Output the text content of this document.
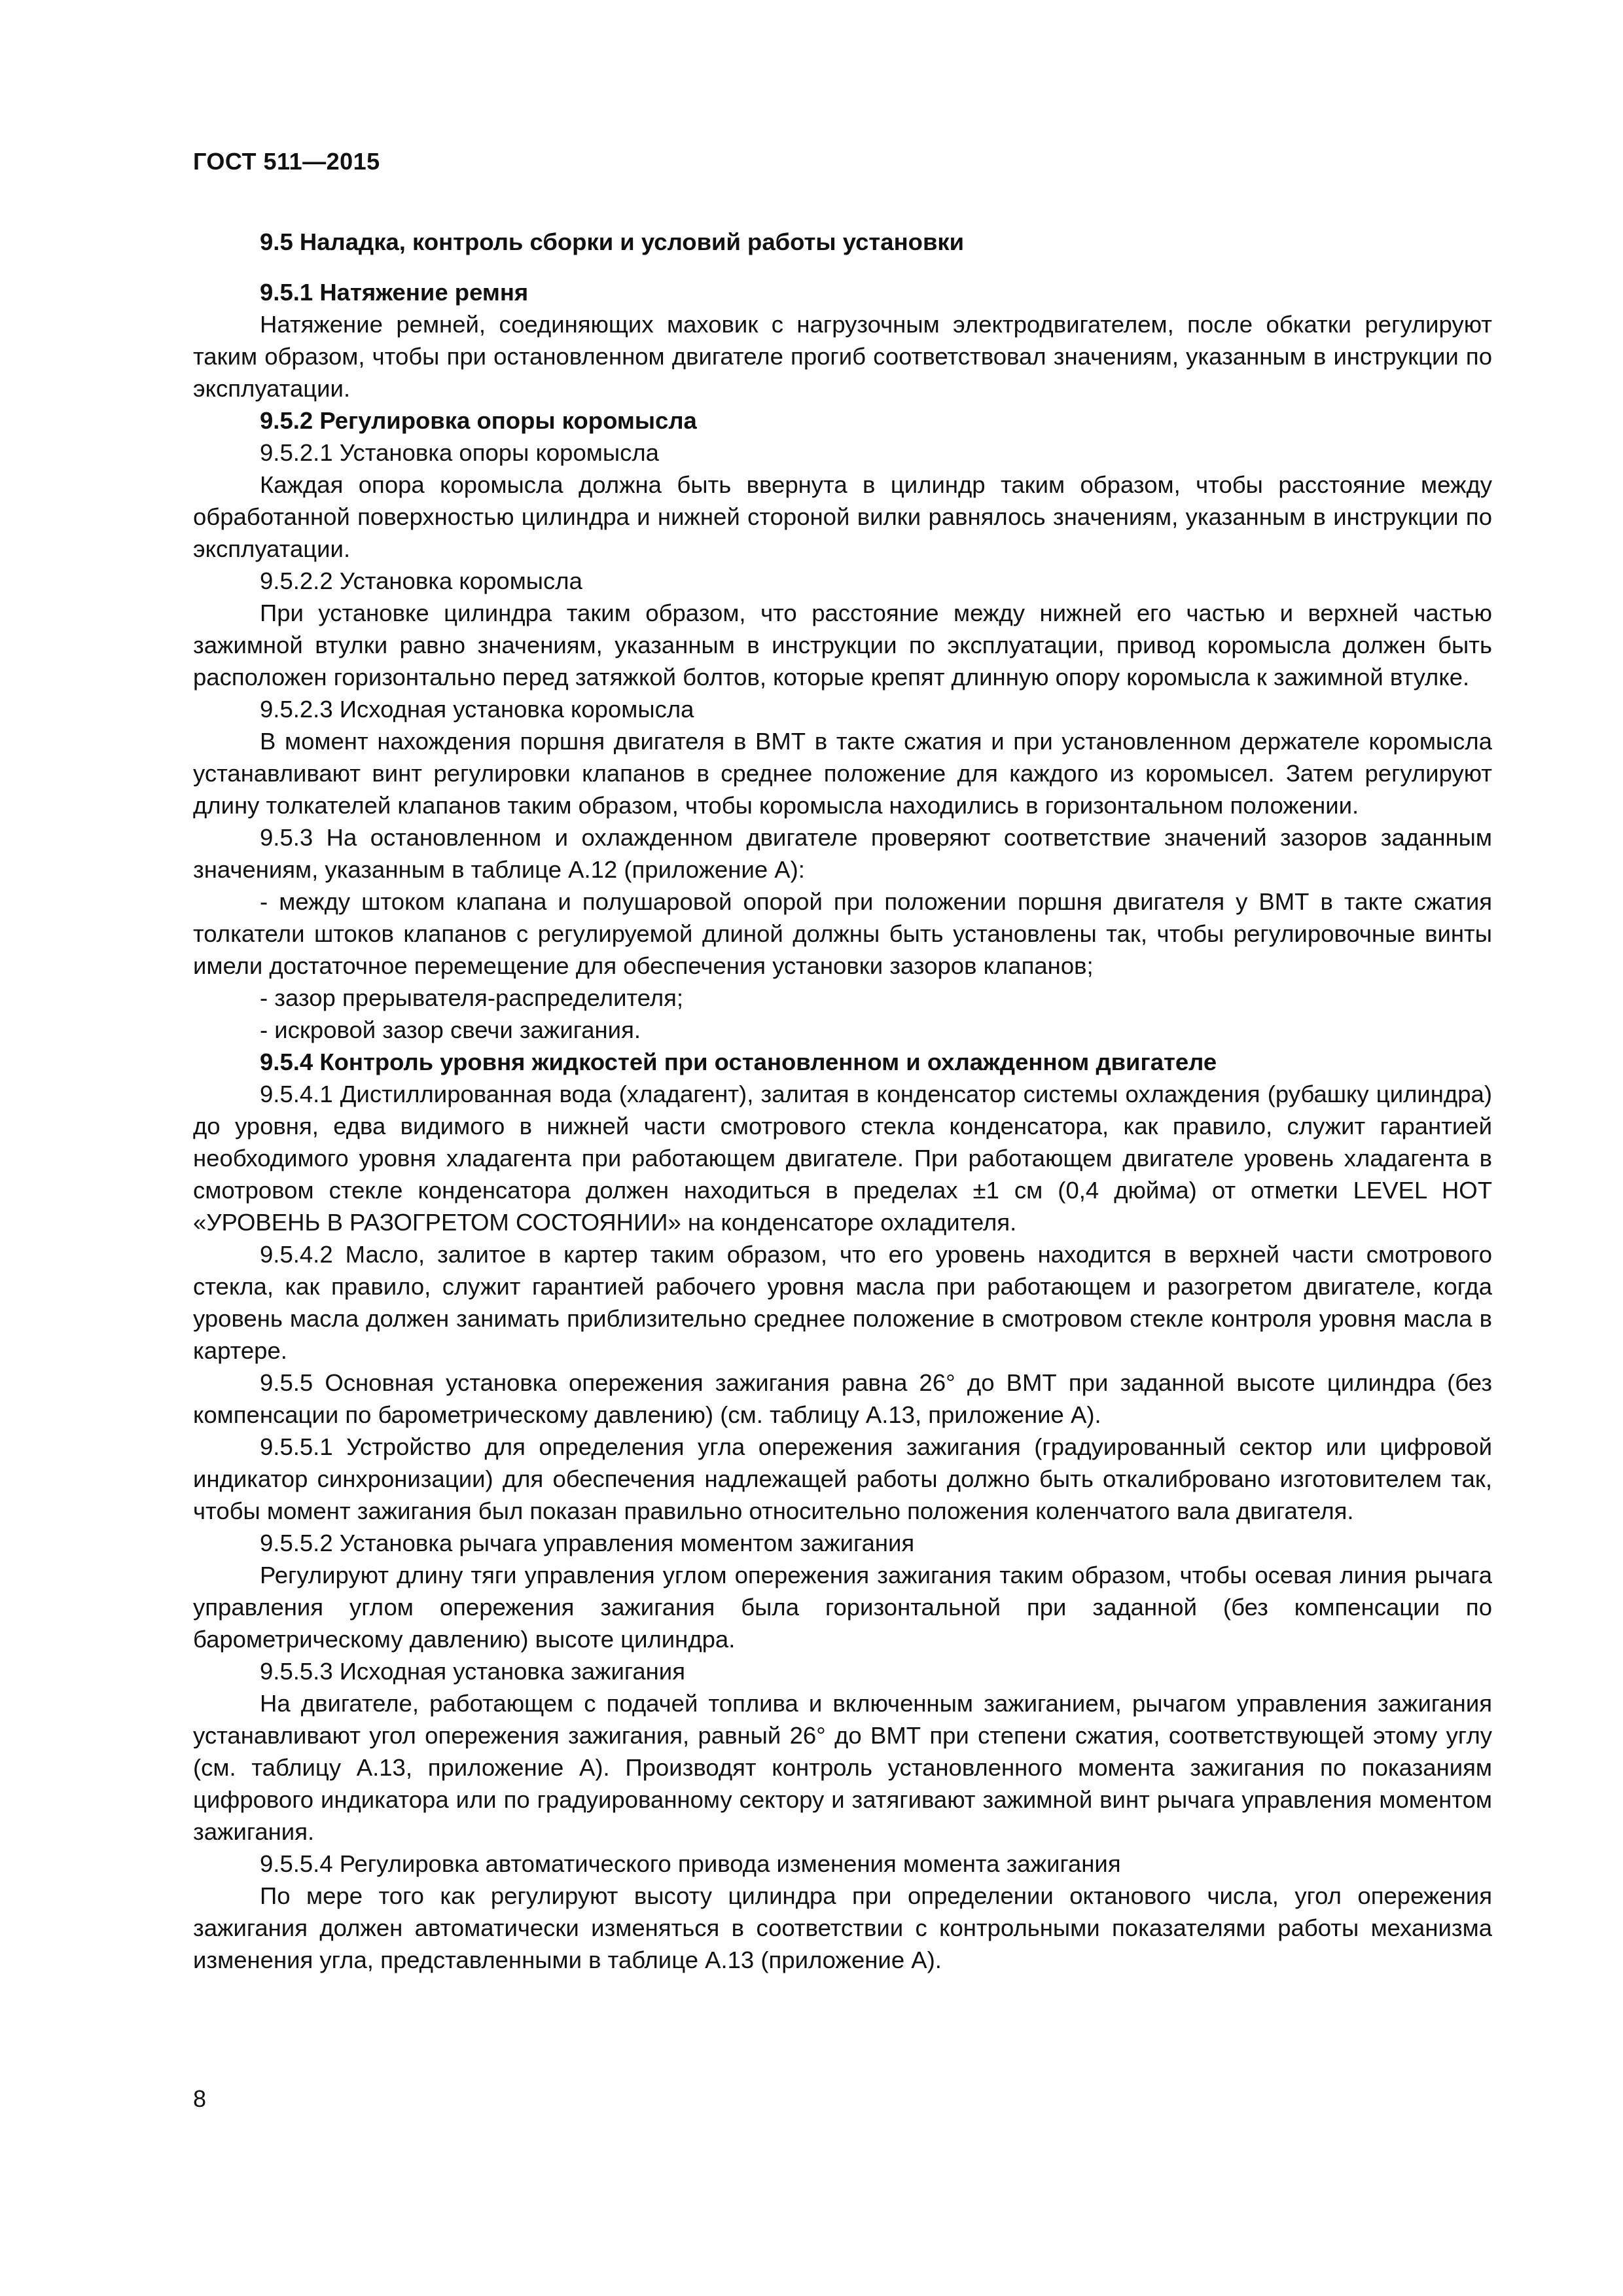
ГОСТ 511—2015

9.5 Наладка, контроль сборки и условий работы установки

9.5.1 Натяжение ремня

Натяжение ремней, соединяющих маховик с нагрузочным электродвигателем, после обкатки регулируют таким образом, чтобы при остановленном двигателе прогиб соответствовал значениям, указанным в инструкции по эксплуатации.

9.5.2 Регулировка опоры коромысла

9.5.2.1 Установка опоры коромысла

Каждая опора коромысла должна быть ввернута в цилиндр таким образом, чтобы расстояние между обработанной поверхностью цилиндра и нижней стороной вилки равнялось значениям, указанным в инструкции по эксплуатации.

9.5.2.2 Установка коромысла

При установке цилиндра таким образом, что расстояние между нижней его частью и верхней частью зажимной втулки равно значениям, указанным в инструкции по эксплуатации, привод коромысла должен быть расположен горизонтально перед затяжкой болтов, которые крепят длинную опору коромысла к зажимной втулке.

9.5.2.3 Исходная установка коромысла

В момент нахождения поршня двигателя в ВМТ в такте сжатия и при установленном держателе коромысла устанавливают винт регулировки клапанов в среднее положение для каждого из коромысел. Затем регулируют длину толкателей клапанов таким образом, чтобы коромысла находились в горизонтальном положении.

9.5.3 На остановленном и охлажденном двигателе проверяют соответствие значений зазоров заданным значениям, указанным в таблице А.12 (приложение А):

- между штоком клапана и полушаровой опорой при положении поршня двигателя у ВМТ в такте сжатия толкатели штоков клапанов с регулируемой длиной должны быть установлены так, чтобы регулировочные винты имели достаточное перемещение для обеспечения установки зазоров клапанов;

- зазор прерывателя-распределителя;

- искровой зазор свечи зажигания.

9.5.4 Контроль уровня жидкостей при остановленном и охлажденном двигателе

9.5.4.1 Дистиллированная вода (хладагент), залитая в конденсатор системы охлаждения (рубашку цилиндра) до уровня, едва видимого в нижней части смотрового стекла конденсатора, как правило, служит гарантией необходимого уровня хладагента при работающем двигателе. При работающем двигателе уровень хладагента в смотровом стекле конденсатора должен находиться в пределах ±1 см (0,4 дюйма) от отметки LEVEL HOT «УРОВЕНЬ В РАЗОГРЕТОМ СОСТОЯНИИ» на конденсаторе охладителя.

9.5.4.2 Масло, залитое в картер таким образом, что его уровень находится в верхней части смотрового стекла, как правило, служит гарантией рабочего уровня масла при работающем и разогретом двигателе, когда уровень масла должен занимать приблизительно среднее положение в смотровом стекле контроля уровня масла в картере.

9.5.5 Основная установка опережения зажигания равна 26° до ВМТ при заданной высоте цилиндра (без компенсации по барометрическому давлению) (см. таблицу А.13, приложение А).

9.5.5.1 Устройство для определения угла опережения зажигания (градуированный сектор или цифровой индикатор синхронизации) для обеспечения надлежащей работы должно быть откалибровано изготовителем так, чтобы момент зажигания был показан правильно относительно положения коленчатого вала двигателя.

9.5.5.2 Установка рычага управления моментом зажигания

Регулируют длину тяги управления углом опережения зажигания таким образом, чтобы осевая линия рычага управления углом опережения зажигания была горизонтальной при заданной (без компенсации по барометрическому давлению) высоте цилиндра.

9.5.5.3 Исходная установка зажигания

На двигателе, работающем с подачей топлива и включенным зажиганием, рычагом управления зажигания устанавливают угол опережения зажигания, равный 26° до ВМТ при степени сжатия, соответствующей этому углу (см. таблицу А.13, приложение А). Производят контроль установленного момента зажигания по показаниям цифрового индикатора или по градуированному сектору и затягивают зажимной винт рычага управления моментом зажигания.

9.5.5.4 Регулировка автоматического привода изменения момента зажигания

По мере того как регулируют высоту цилиндра при определении октанового числа, угол опережения зажигания должен автоматически изменяться в соответствии с контрольными показателями работы механизма изменения угла, представленными в таблице А.13 (приложение А).

8
